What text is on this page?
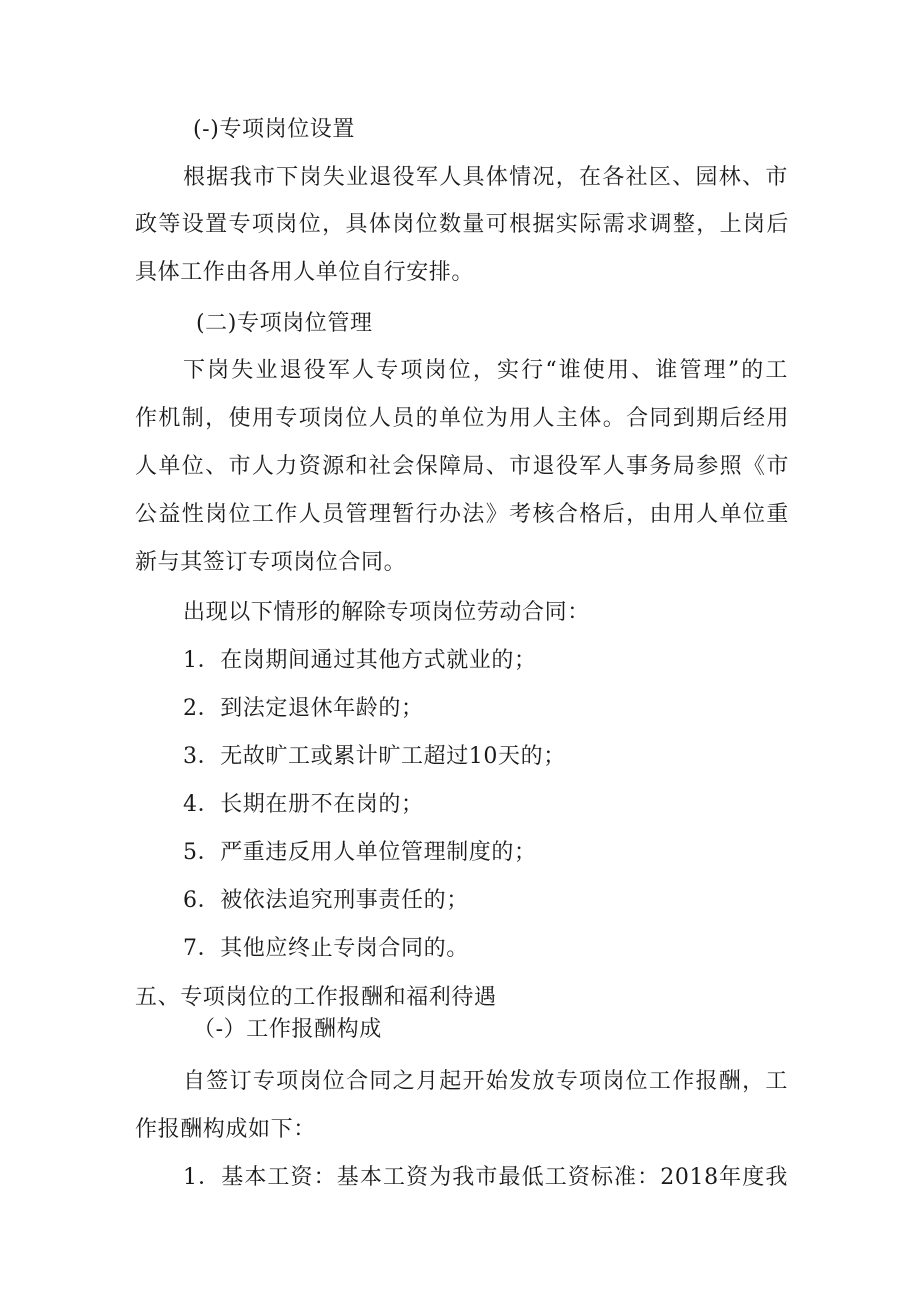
(-)专项岗位设置
根据我市下岗失业退役军人具体情况，在各社区、园林、市
政等设置专项岗位，具体岗位数量可根据实际需求调整，上岗后
具体工作由各用人单位自行安排。
(二)专项岗位管理
下岗失业退役军人专项岗位，实行“谁使用、谁管理”的工
作机制，使用专项岗位人员的单位为用人主体。合同到期后经用
人单位、市人力资源和社会保障局、市退役军人事务局参照《市
公益性岗位工作人员管理暂行办法》考核合格后，由用人单位重
新与其签订专项岗位合同。
出现以下情形的解除专项岗位劳动合同：
1．在岗期间通过其他方式就业的；
2．到法定退休年龄的；
3．无故旷工或累计旷工超过10天的；
4．长期在册不在岗的；
5．严重违反用人单位管理制度的；
6．被依法追究刑事责任的；
7．其他应终止专岗合同的。
五、专项岗位的工作报酬和福利待遇
（-）工作报酬构成
自签订专项岗位合同之月起开始发放专项岗位工作报酬，工
作报酬构成如下：
1．基本工资：基本工资为我市最低工资标准：2018年度我
